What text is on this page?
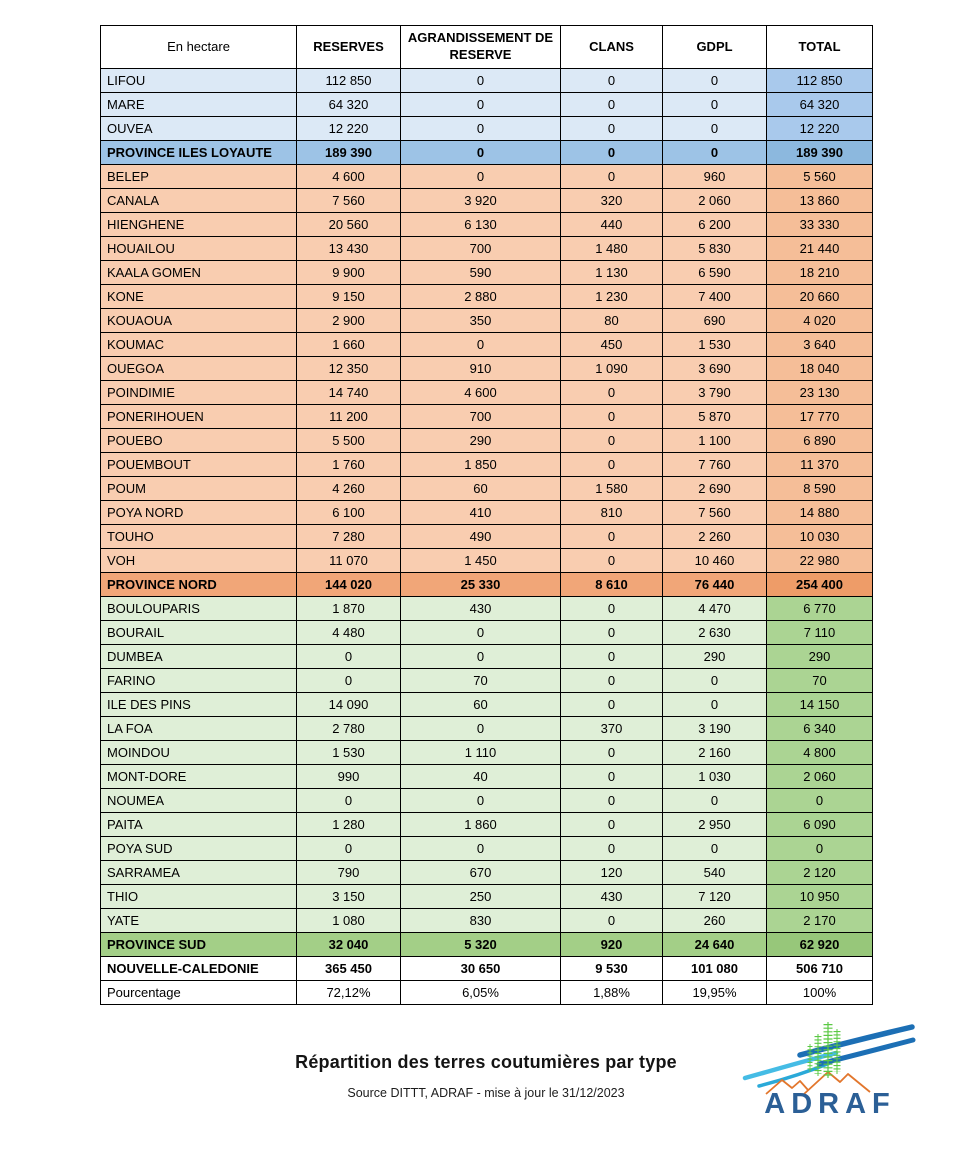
En hectare	RESERVES	AGRANDISSEMENT DE RESERVE	CLANS	GDPL	TOTAL
LIFOU	112 850	0	0	0	112 850
MARE	64 320	0	0	0	64 320
OUVEA	12 220	0	0	0	12 220
PROVINCE ILES LOYAUTE	189 390	0	0	0	189 390
BELEP	4 600	0	0	960	5 560
CANALA	7 560	3 920	320	2 060	13 860
HIENGHENE	20 560	6 130	440	6 200	33 330
HOUAILOU	13 430	700	1 480	5 830	21 440
KAALA GOMEN	9 900	590	1 130	6 590	18 210
KONE	9 150	2 880	1 230	7 400	20 660
KOUAOUA	2 900	350	80	690	4 020
KOUMAC	1 660	0	450	1 530	3 640
OUEGOA	12 350	910	1 090	3 690	18 040
POINDIMIE	14 740	4 600	0	3 790	23 130
PONERIHOUEN	11 200	700	0	5 870	17 770
POUEBO	5 500	290	0	1 100	6 890
POUEMBOUT	1 760	1 850	0	7 760	11 370
POUM	4 260	60	1 580	2 690	8 590
POYA NORD	6 100	410	810	7 560	14 880
TOUHO	7 280	490	0	2 260	10 030
VOH	11 070	1 450	0	10 460	22 980
PROVINCE NORD	144 020	25 330	8 610	76 440	254 400
BOULOUPARIS	1 870	430	0	4 470	6 770
BOURAIL	4 480	0	0	2 630	7 110
DUMBEA	0	0	0	290	290
FARINO	0	70	0	0	70
ILE DES PINS	14 090	60	0	0	14 150
LA FOA	2 780	0	370	3 190	6 340
MOINDOU	1 530	1 110	0	2 160	4 800
MONT-DORE	990	40	0	1 030	2 060
NOUMEA	0	0	0	0	0
PAITA	1 280	1 860	0	2 950	6 090
POYA SUD	0	0	0	0	0
SARRAMEA	790	670	120	540	2 120
THIO	3 150	250	430	7 120	10 950
YATE	1 080	830	0	260	2 170
PROVINCE SUD	32 040	5 320	920	24 640	62 920
NOUVELLE-CALEDONIE	365 450	30 650	9 530	101 080	506 710
Pourcentage	72,12%	6,05%	1,88%	19,95%	100%
Répartition des terres coutumières par type
Source DITTT, ADRAF - mise à jour le 31/12/2023	ADRAF
